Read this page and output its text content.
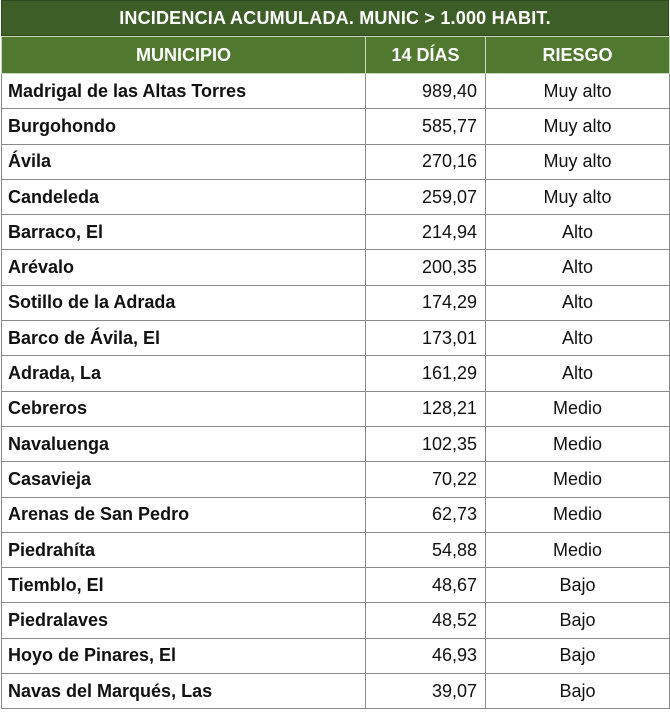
INCIDENCIA ACUMULADA. MUNIC > 1.000 HABIT.
MUNICIPIO	14 DÍAS	RIESGO
Madrigal de las Altas Torres	989,40	Muy alto
Burgohondo	585,77	Muy alto
Ávila	270,16	Muy alto
Candeleda	259,07	Muy alto
Barraco, El	214,94	Alto
Arévalo	200,35	Alto
Sotillo de la Adrada	174,29	Alto
Barco de Ávila, El	173,01	Alto
Adrada, La	161,29	Alto
Cebreros	128,21	Medio
Navaluenga	102,35	Medio
Casavieja	70,22	Medio
Arenas de San Pedro	62,73	Medio
Piedrahíta	54,88	Medio
Tiemblo, El	48,67	Bajo
Piedralaves	48,52	Bajo
Hoyo de Pinares, El	46,93	Bajo
Navas del Marqués, Las	39,07	Bajo
